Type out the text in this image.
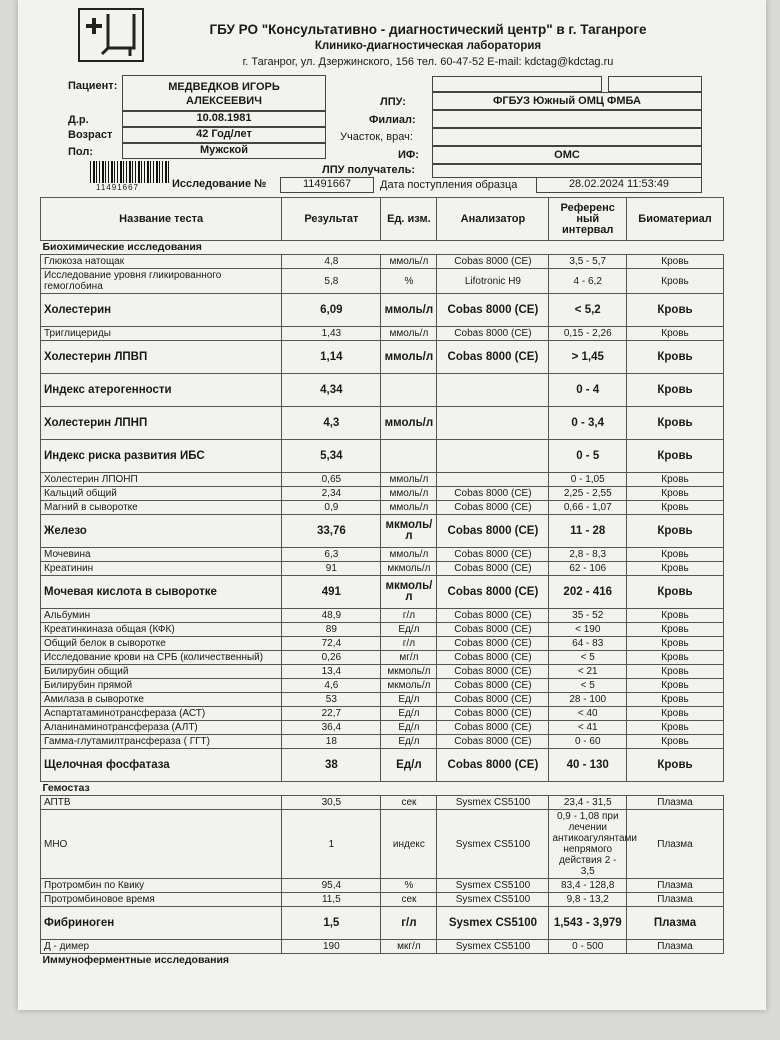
ГБУ РО "Консультативно - диагностический центр" в г. Таганроге
Клинико-диагностическая лаборатория
г. Таганрог, ул. Дзержинского, 156 тел. 60-47-52 E-mail: kdctag@kdctag.ru
Пациент:	МЕДВЕДКОВ ИГОРЬ
АЛЕКСЕЕВИЧ
Д.р.	10.08.1981
Возраст	42 Год/лет
Пол:	Мужской
ЛПУ:	ФГБУЗ Южный ОМЦ ФМБА
Филиал:
Участок, врач:
ИФ:	ОМС
ЛПУ получатель:
11491667	Исследование №	11491667	Дата поступления образца	28.02.2024 11:53:49
Название теста	Результат	Ед. изм.	Анализатор	Референс ный интервал	Биоматериал
Биохимические исследования					
Глюкоза натощак	4,8	ммоль/л	Cobas 8000 (CE)	3,5 - 5,7	Кровь
Исследование уровня гликированного гемоглобина	5,8	%	Lifotronic H9	4 - 6,2	Кровь
Холестерин	6,09	ммоль/л	Cobas 8000 (CE)	< 5,2	Кровь
Триглицериды	1,43	ммоль/л	Cobas 8000 (CE)	0,15 - 2,26	Кровь
Холестерин ЛПВП	1,14	ммоль/л	Cobas 8000 (CE)	> 1,45	Кровь
Индекс атерогенности	4,34			0 - 4	Кровь
Холестерин ЛПНП	4,3	ммоль/л		0 - 3,4	Кровь
Индекс риска развития ИБС	5,34			0 - 5	Кровь
Холестерин ЛПОНП	0,65	ммоль/л		0 - 1,05	Кровь
Кальций общий	2,34	ммоль/л	Cobas 8000 (CE)	2,25 - 2,55	Кровь
Магний в сыворотке	0,9	ммоль/л	Cobas 8000 (CE)	0,66 - 1,07	Кровь
Железо	33,76	мкмоль/л	Cobas 8000 (CE)	11 - 28	Кровь
Мочевина	6,3	ммоль/л	Cobas 8000 (CE)	2,8 - 8,3	Кровь
Креатинин	91	мкмоль/л	Cobas 8000 (CE)	62 - 106	Кровь
Мочевая кислота в сыворотке	491	мкмоль/л	Cobas 8000 (CE)	202 - 416	Кровь
Альбумин	48,9	г/л	Cobas 8000 (CE)	35 - 52	Кровь
Креатинкиназа общая (КФК)	89	Ед/л	Cobas 8000 (CE)	< 190	Кровь
Общий белок в сыворотке	72,4	г/л	Cobas 8000 (CE)	64 - 83	Кровь
Исследование крови на СРБ (количественный)	0,26	мг/л	Cobas 8000 (CE)	< 5	Кровь
Билирубин общий	13,4	мкмоль/л	Cobas 8000 (CE)	< 21	Кровь
Билирубин прямой	4,6	мкмоль/л	Cobas 8000 (CE)	< 5	Кровь
Амилаза в сыворотке	53	Ед/л	Cobas 8000 (CE)	28 - 100	Кровь
Аспартатаминотрансфераза (АСТ)	22,7	Ед/л	Cobas 8000 (CE)	< 40	Кровь
Аланинаминотрансфераза (АЛТ)	36,4	Ед/л	Cobas 8000 (CE)	< 41	Кровь
Гамма-глутамилтрансфераза ( ГГТ)	18	Ед/л	Cobas 8000 (CE)	0 - 60	Кровь
Щелочная фосфатаза	38	Ед/л	Cobas 8000 (CE)	40 - 130	Кровь
Гемостаз					
АПТВ	30,5	сек	Sysmex CS5100	23,4 - 31,5	Плазма
МНО	1	индекс	Sysmex CS5100	0,9 - 1,08 при лечении антикоагулянтами непрямого действия 2 - 3,5	Плазма
Протромбин по Квику	95,4	%	Sysmex CS5100	83,4 - 128,8	Плазма
Протромбиновое время	11,5	сек	Sysmex CS5100	9,8 - 13,2	Плазма
Фибриноген	1,5	г/л	Sysmex CS5100	1,543 - 3,979	Плазма
Д - димер	190	мкг/л	Sysmex CS5100	0 - 500	Плазма
Иммуноферментные исследования					
